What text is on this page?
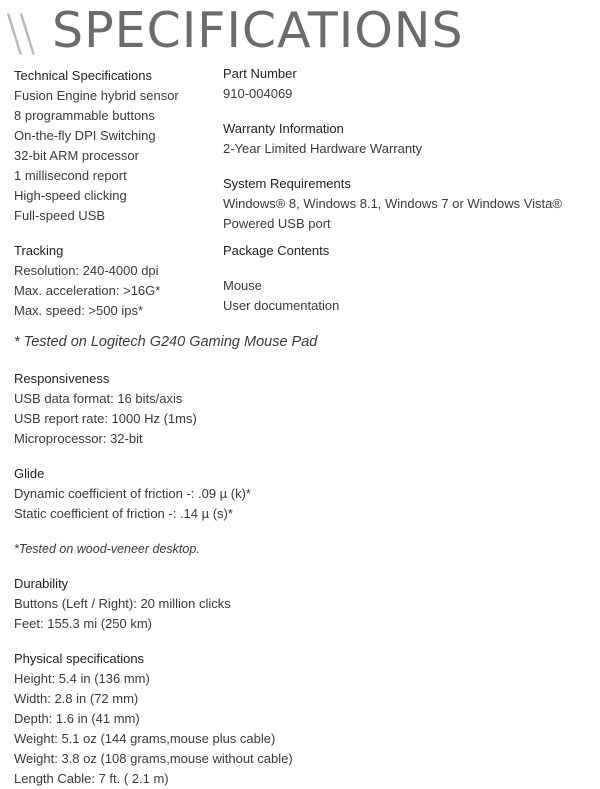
\\ SPECIFICATIONS
Technical Specifications
Fusion Engine hybrid sensor
8 programmable buttons
On-the-fly DPI Switching
32-bit ARM processor
1 millisecond report
High-speed clicking
Full-speed USB
Tracking
Resolution: 240-4000 dpi
Max. acceleration: >16G*
Max. speed: >500 ips*
Part Number
910-004069
Warranty Information
2-Year Limited Hardware Warranty
System Requirements
Windows® 8, Windows 8.1, Windows 7 or Windows Vista®
Powered USB port
Package Contents
Mouse
User documentation
* Tested on Logitech G240 Gaming Mouse Pad
Responsiveness
USB data format: 16 bits/axis
USB report rate: 1000 Hz (1ms)
Microprocessor: 32-bit
Glide
Dynamic coefficient of friction -: .09 µ (k)*
Static coefficient of friction -: .14 µ (s)*
*Tested on wood-veneer desktop.
Durability
Buttons (Left / Right): 20 million clicks
Feet: 155.3 mi (250 km)
Physical specifications
Height: 5.4 in (136 mm)
Width: 2.8 in (72 mm)
Depth: 1.6 in (41 mm)
Weight: 5.1 oz (144 grams,mouse plus cable)
Weight: 3.8 oz (108 grams,mouse without cable)
Length Cable: 7 ft. ( 2.1 m)
